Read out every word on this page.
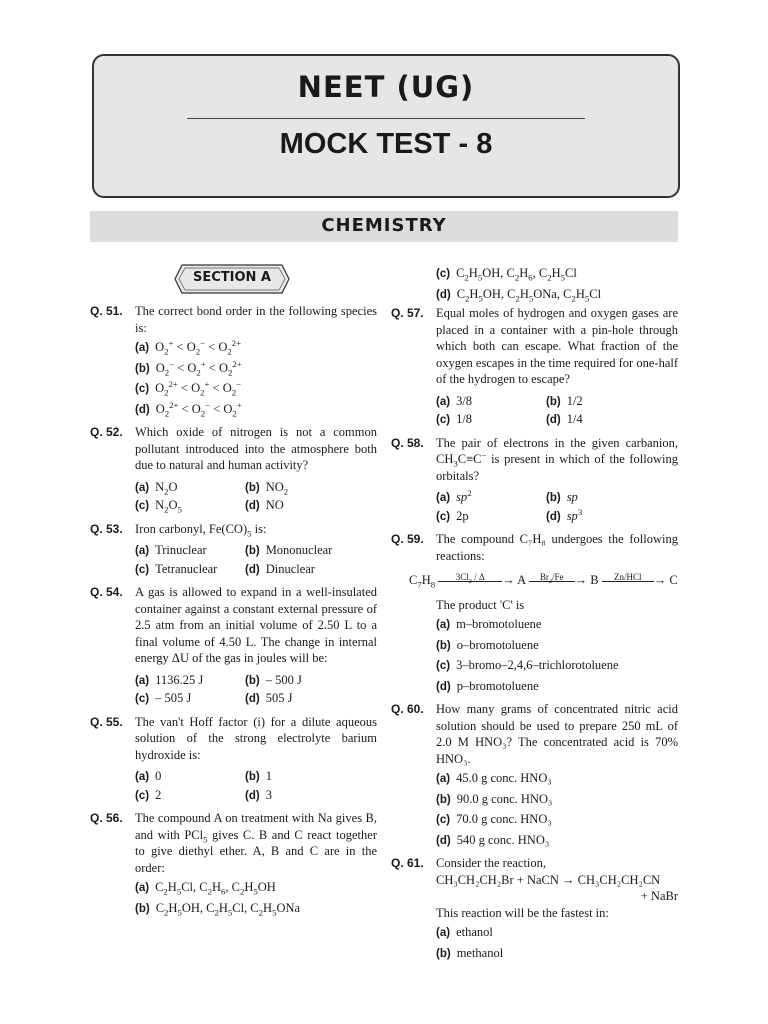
NEET (UG)
MOCK TEST - 8
CHEMISTRY
SECTION A
Q. 51. The correct bond order in the following species is:
(a) $O_2^+ < O_2^- < O_2^{2+}$
(b) $O_2^- < O_2^+ < O_2^{2+}$
(c) $O_2^{2+} < O_2^+ < O_2^-$
(d) $O_2^{2+} < O_2^- < O_2^+$
Q. 52. Which oxide of nitrogen is not a common pollutant introduced into the atmosphere both due to natural and human activity?
(a) $N_2O$	(b) $NO_2$
(c) $N_2O_5$	(d) NO
Q. 53. Iron carbonyl, $Fe(CO)_5$ is:
(a) Trinuclear	(b) Mononuclear
(c) Tetranuclear	(d) Dinuclear
Q. 54. A gas is allowed to expand in a well-insulated container against a constant external pressure of 2.5 atm from an initial volume of 2.50 L to a final volume of 4.50 L. The change in internal energy ΔU of the gas in joules will be:
(a) 1136.25 J	(b) – 500 J
(c) – 505 J	(d) 505 J
Q. 55. The van't Hoff factor (i) for a dilute aqueous solution of the strong electrolyte barium hydroxide is:
(a) 0	(b) 1
(c) 2	(d) 3
Q. 56. The compound A on treatment with Na gives B, and with PCl$_5$ gives C. B and C react together to give diethyl ether. A, B and C are in the order:
(a) $C_2H_5Cl$, $C_2H_6$, $C_2H_5OH$
(b) $C_2H_5OH$, $C_2H_5Cl$, $C_2H_5ONa$
(c) $C_2H_5OH$, $C_2H_6$, $C_2H_5Cl$
(d) $C_2H_5OH$, $C_2H_5ONa$, $C_2H_5Cl$
Q. 57. Equal moles of hydrogen and oxygen gases are placed in a container with a pin-hole through which both can escape. What fraction of the oxygen escapes in the time required for one-half of the hydrogen to escape?
(a) 3/8	(b) 1/2
(c) 1/8	(d) 1/4
Q. 58. The pair of electrons in the given carbanion, $CH_3C\equiv C^-$ is present in which of the following orbitals?
(a) $sp^2$	(b) sp
(c) 2p	(d) $sp^3$
Q. 59. The compound C₇H₈ undergoes the following reactions:
$C_7H_8$
$3Cl_2$ / Δ	→ A	$Br_2/Fe \to B$	Zn/HCl → C
The product 'C' is
(a) m–bromotoluene
(b) o–bromotoluene
(c) 3–bromo–2,4,6–trichlorotoluene
(d) p–bromotoluene
Q. 60. How many grams of concentrated nitric acid solution should be used to prepare 250 mL of 2.0 M HNO₃? The concentrated acid is 70% HNO₃.
(a) 45.0 g conc. HNO₃
(b) 90.0 g conc. HNO₃
(c) 70.0 g conc. HNO₃
(d) 540 g conc. HNO₃
Q. 61. Consider the reaction,
CH₃CH₂CH₂Br + NaCN → CH₃CH₂CH₂CN
+ NaBr
This reaction will be the fastest in:
(a) ethanol
(b) methanol
